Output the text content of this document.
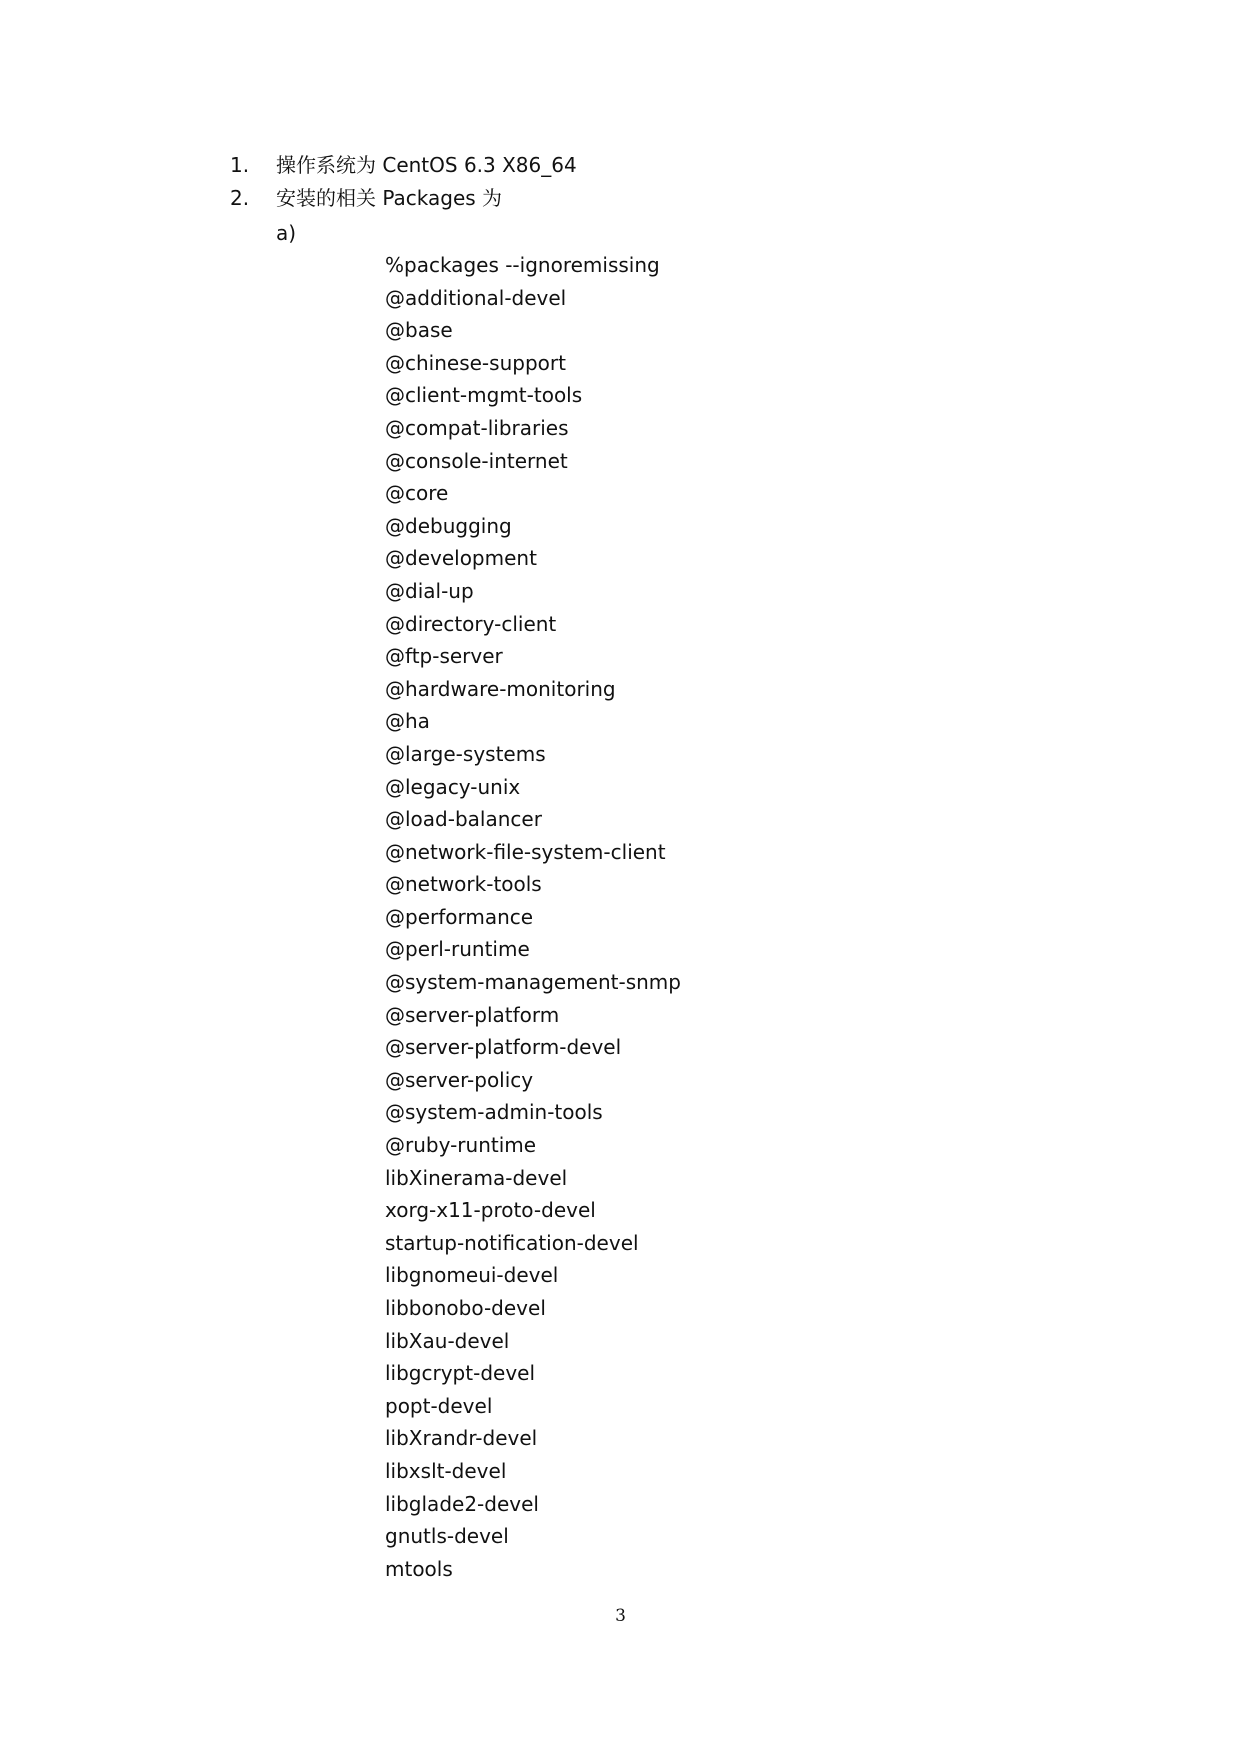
1. 操作系统为 CentOS 6.3 X86_64
2. 安装的相关 Packages 为
a)
%packages --ignoremissing
@additional-devel
@base
@chinese-support
@client-mgmt-tools
@compat-libraries
@console-internet
@core
@debugging
@development
@dial-up
@directory-client
@ftp-server
@hardware-monitoring
@ha
@large-systems
@legacy-unix
@load-balancer
@network-file-system-client
@network-tools
@performance
@perl-runtime
@system-management-snmp
@server-platform
@server-platform-devel
@server-policy
@system-admin-tools
@ruby-runtime
libXinerama-devel
xorg-x11-proto-devel
startup-notification-devel
libgnomeui-devel
libbonobo-devel
libXau-devel
libgcrypt-devel
popt-devel
libXrandr-devel
libxslt-devel
libglade2-devel
gnutls-devel
mtools
3
